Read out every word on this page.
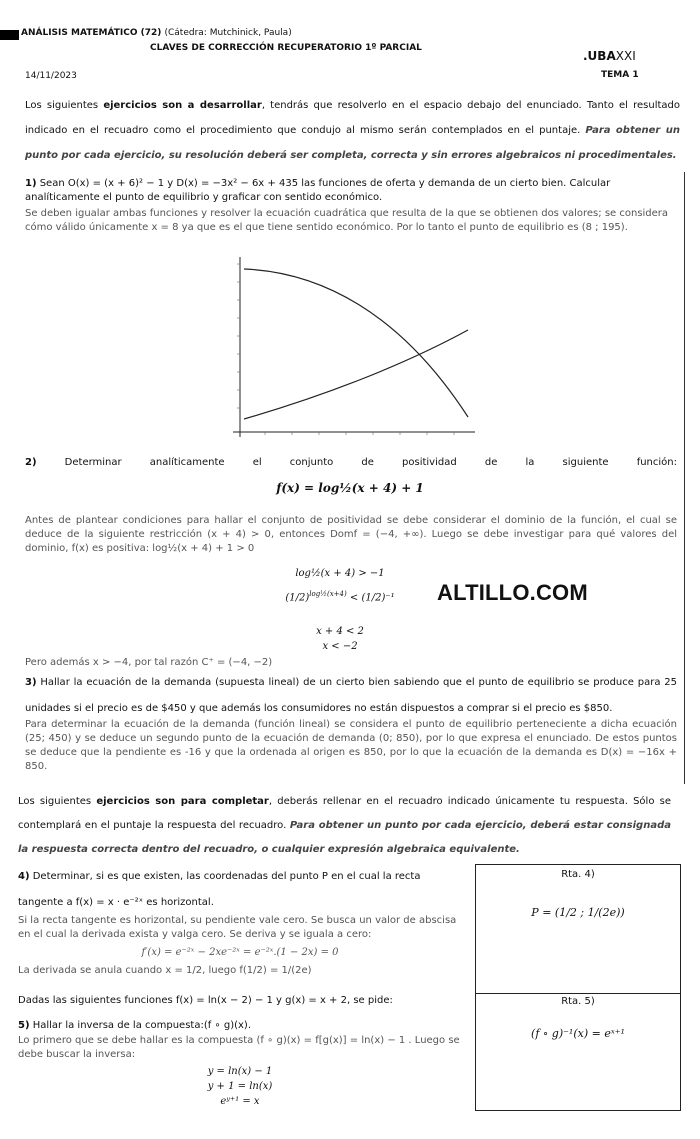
ANÁLISIS MATEMÁTICO (72) (Cátedra: Mutchinick, Paula)
CLAVES DE CORRECCIÓN RECUPERATORIO 1º PARCIAL
.UBAXXI
14/11/2023	TEMA 1
Los siguientes ejercicios son a desarrollar, tendrás que resolverlo en el espacio debajo del enunciado. Tanto el resultado indicado en el recuadro como el procedimiento que condujo al mismo serán contemplados en el puntaje. Para obtener un punto por cada ejercicio, su resolución deberá ser completa, correcta y sin errores algebraicos ni procedimentales.
1) Sean O(x) = (x + 6)² − 1 y D(x) = −3x² − 6x + 435 las funciones de oferta y demanda de un cierto bien. Calcular analíticamente el punto de equilibrio y graficar con sentido económico.
Se deben igualar ambas funciones y resolver la ecuación cuadrática que resulta de la que se obtienen dos valores; se considera cómo válido únicamente x = 8 ya que es el que tiene sentido económico. Por lo tanto el punto de equilibrio es (8 ; 195).
2)	Determinar	analíticamente	el	conjunto	de	positividad	de	la	siguiente	función:
f(x) = log½(x + 4) + 1
Antes de plantear condiciones para hallar el conjunto de positividad se debe considerar el dominio de la función, el cual se deduce de la siguiente restricción (x + 4) > 0, entonces Domf = (−4, +∞). Luego se debe investigar para qué valores del dominio, f(x) es positiva: log½(x + 4) + 1 > 0
log½(x + 4) > −1
$(1/2)^{log\frac{1}{2}(x+4)} < (1/2)^{-1}$
x + 4 < 2
x < −2
ALTILLO.COM
Pero además x > −4, por tal razón C⁺ = (−4, −2)
3) Hallar la ecuación de la demanda (supuesta lineal) de un cierto bien sabiendo que el punto de equilibrio se produce para 25 unidades si el precio es de $450 y que además los consumidores no están dispuestos a comprar si el precio es $850.
Para determinar la ecuación de la demanda (función lineal) se considera el punto de equilibrio perteneciente a dicha ecuación (25; 450) y se deduce un segundo punto de la ecuación de demanda (0; 850), por lo que expresa el enunciado. De estos puntos se deduce que la pendiente es -16 y que la ordenada al origen es 850, por lo que la ecuación de la demanda es D(x) = −16x + 850.
Los siguientes ejercicios son para completar, deberás rellenar en el recuadro indicado únicamente tu respuesta. Sólo se contemplará en el puntaje la respuesta del recuadro. Para obtener un punto por cada ejercicio, deberá estar consignada la respuesta correcta dentro del recuadro, o cualquier expresión algebraica equivalente.
Rta. 4)
P = (1/2 ; 1/(2e))
Rta. 5)
(f ∘ g)⁻¹(x) = eˣ⁺¹
4) Determinar, si es que existen, las coordenadas del punto P en el cual la recta tangente a f(x) = x · e⁻²ˣ es horizontal.
Si la recta tangente es horizontal, su pendiente vale cero. Se busca un valor de abscisa en el cual la derivada exista y valga cero. Se deriva y se iguala a cero:
f′(x) = e⁻²ˣ − 2xe⁻²ˣ = e⁻²ˣ.(1 − 2x) = 0
La derivada se anula cuando x = 1/2, luego f(1/2) = 1/(2e)
Dadas las siguientes funciones f(x) = ln(x − 2) − 1 y g(x) = x + 2, se pide:
5) Hallar la inversa de la compuesta:(f ∘ g)(x).
Lo primero que se debe hallar es la compuesta (f ∘ g)(x) = f[g(x)] = ln(x) − 1 . Luego se debe buscar la inversa:
y = ln(x) − 1
y + 1 = ln(x)
eʸ⁺¹ = x
